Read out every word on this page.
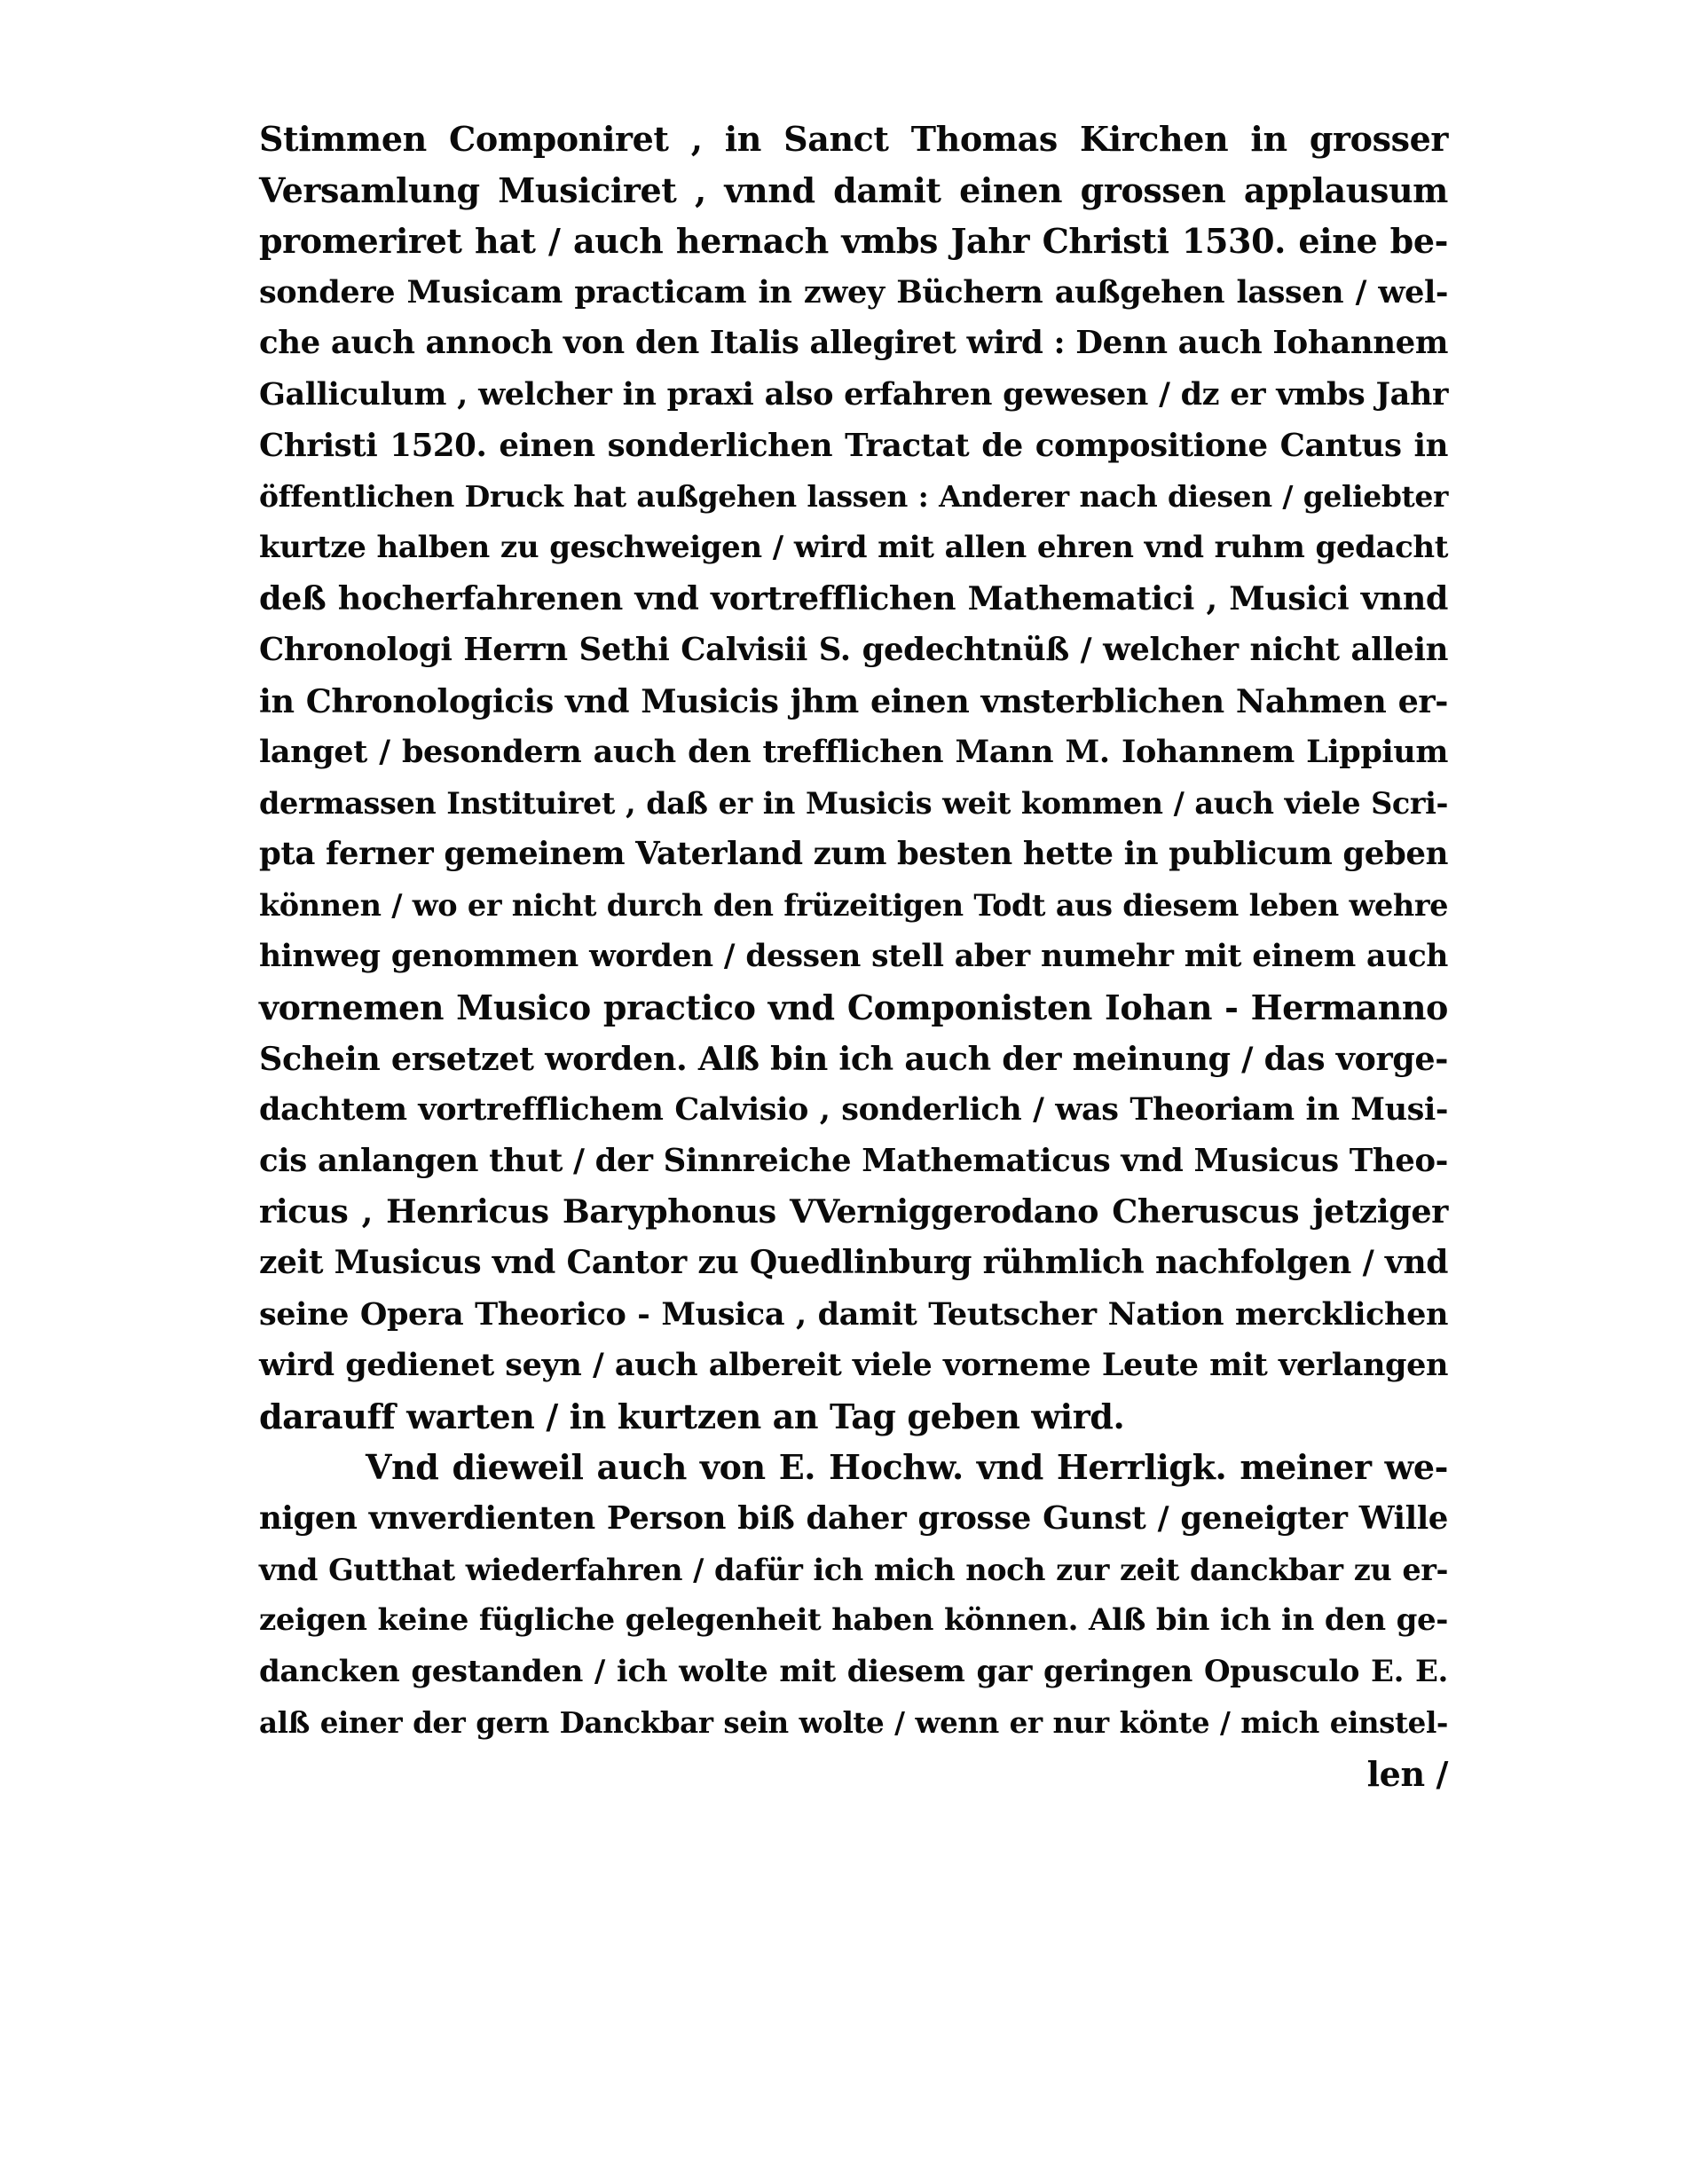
Stimmen Componiret , in Sanct Thomas Kirchen in grosser
Versamlung Musiciret , vnnd damit einen grossen applausum
promeriret hat / auch hernach vmbs Jahr Christi 1530. eine be-
sondere Musicam practicam in zwey Büchern außgehen lassen / wel-
che auch annoch von den Italis allegiret wird : Denn auch Iohannem
Galliculum , welcher in praxi also erfahren gewesen / dz er vmbs Jahr
Christi 1520. einen sonderlichen Tractat de compositione Cantus in
öffentlichen Druck hat außgehen lassen : Anderer nach diesen / geliebter
kurtze halben zu geschweigen / wird mit allen ehren vnd ruhm gedacht
deß hocherfahrenen vnd vortrefflichen Mathematici , Musici vnnd
Chronologi Herrn Sethi Calvisii S. gedechtnüß / welcher nicht allein
in Chronologicis vnd Musicis jhm einen vnsterblichen Nahmen er-
langet / besondern auch den trefflichen Mann M. Iohannem Lippium
dermassen Instituiret , daß er in Musicis weit kommen / auch viele Scri-
pta ferner gemeinem Vaterland zum besten hette in publicum geben
können / wo er nicht durch den früzeitigen Todt aus diesem leben wehre
hinweg genommen worden / dessen stell aber numehr mit einem auch
vornemen Musico practico vnd Componisten Iohan - Hermanno
Schein ersetzet worden. Alß bin ich auch der meinung / das vorge-
dachtem vortrefflichem Calvisio , sonderlich / was Theoriam in Musi-
cis anlangen thut / der Sinnreiche Mathematicus vnd Musicus Theo-
ricus , Henricus Baryphonus VVerniggerodano Cheruscus jetziger
zeit Musicus vnd Cantor zu Quedlinburg rühmlich nachfolgen / vnd
seine Opera Theorico - Musica , damit Teutscher Nation mercklichen
wird gedienet seyn / auch albereit viele vorneme Leute mit verlangen
darauff warten / in kurtzen an Tag geben wird.
Vnd dieweil auch von E. Hochw. vnd Herrligk. meiner we-
nigen vnverdienten Person biß daher grosse Gunst / geneigter Wille
vnd Gutthat wiederfahren / dafür ich mich noch zur zeit danckbar zu er-
zeigen keine fügliche gelegenheit haben können. Alß bin ich in den ge-
dancken gestanden / ich wolte mit diesem gar geringen Opusculo E. E.
alß einer der gern Danckbar sein wolte / wenn er nur könte / mich einstel-
len /
